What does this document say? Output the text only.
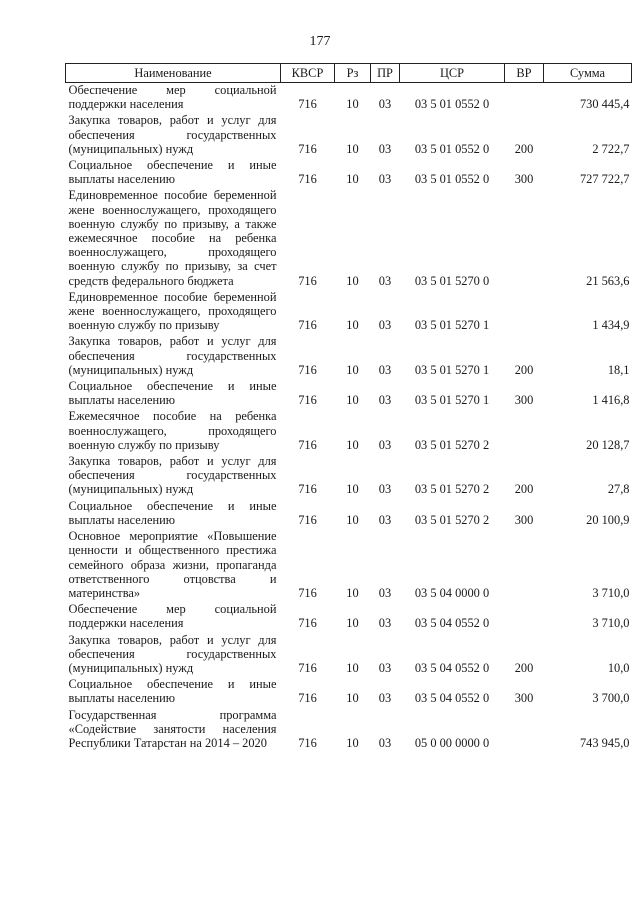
177
Наименование	КВСР	Рз	ПР	ЦСР	ВР	Сумма
Обеспечение мер социальной поддержки населения	716	10	03	03 5 01 0552 0		730 445,4
Закупка товаров, работ и услуг для обеспечения государственных (муниципальных) нужд	716	10	03	03 5 01 0552 0	200	2 722,7
Социальное обеспечение и иные выплаты населению	716	10	03	03 5 01 0552 0	300	727 722,7
Единовременное пособие беременной жене военнослужащего, проходящего военную службу по призыву, а также ежемесячное пособие на ребенка военнослужащего, проходящего военную службу по призыву, за счет средств федерального бюджета	716	10	03	03 5 01 5270 0		21 563,6
Единовременное пособие беременной жене военнослужащего, проходящего военную службу по призыву	716	10	03	03 5 01 5270 1		1 434,9
Закупка товаров, работ и услуг для обеспечения государственных (муниципальных) нужд	716	10	03	03 5 01 5270 1	200	18,1
Социальное обеспечение и иные выплаты населению	716	10	03	03 5 01 5270 1	300	1 416,8
Ежемесячное пособие на ребенка военнослужащего, проходящего военную службу по призыву	716	10	03	03 5 01 5270 2		20 128,7
Закупка товаров, работ и услуг для обеспечения государственных (муниципальных) нужд	716	10	03	03 5 01 5270 2	200	27,8
Социальное обеспечение и иные выплаты населению	716	10	03	03 5 01 5270 2	300	20 100,9
Основное мероприятие «Повышение ценности и общественного престижа семейного образа жизни, пропаганда ответственного отцовства и материнства»	716	10	03	03 5 04 0000 0		3 710,0
Обеспечение мер социальной поддержки населения	716	10	03	03 5 04 0552 0		3 710,0
Закупка товаров, работ и услуг для обеспечения государственных (муниципальных) нужд	716	10	03	03 5 04 0552 0	200	10,0
Социальное обеспечение и иные выплаты населению	716	10	03	03 5 04 0552 0	300	3 700,0
Государственная программа «Содействие занятости населения Республики Татарстан на 2014 – 2020	716	10	03	05 0 00 0000 0		743 945,0
